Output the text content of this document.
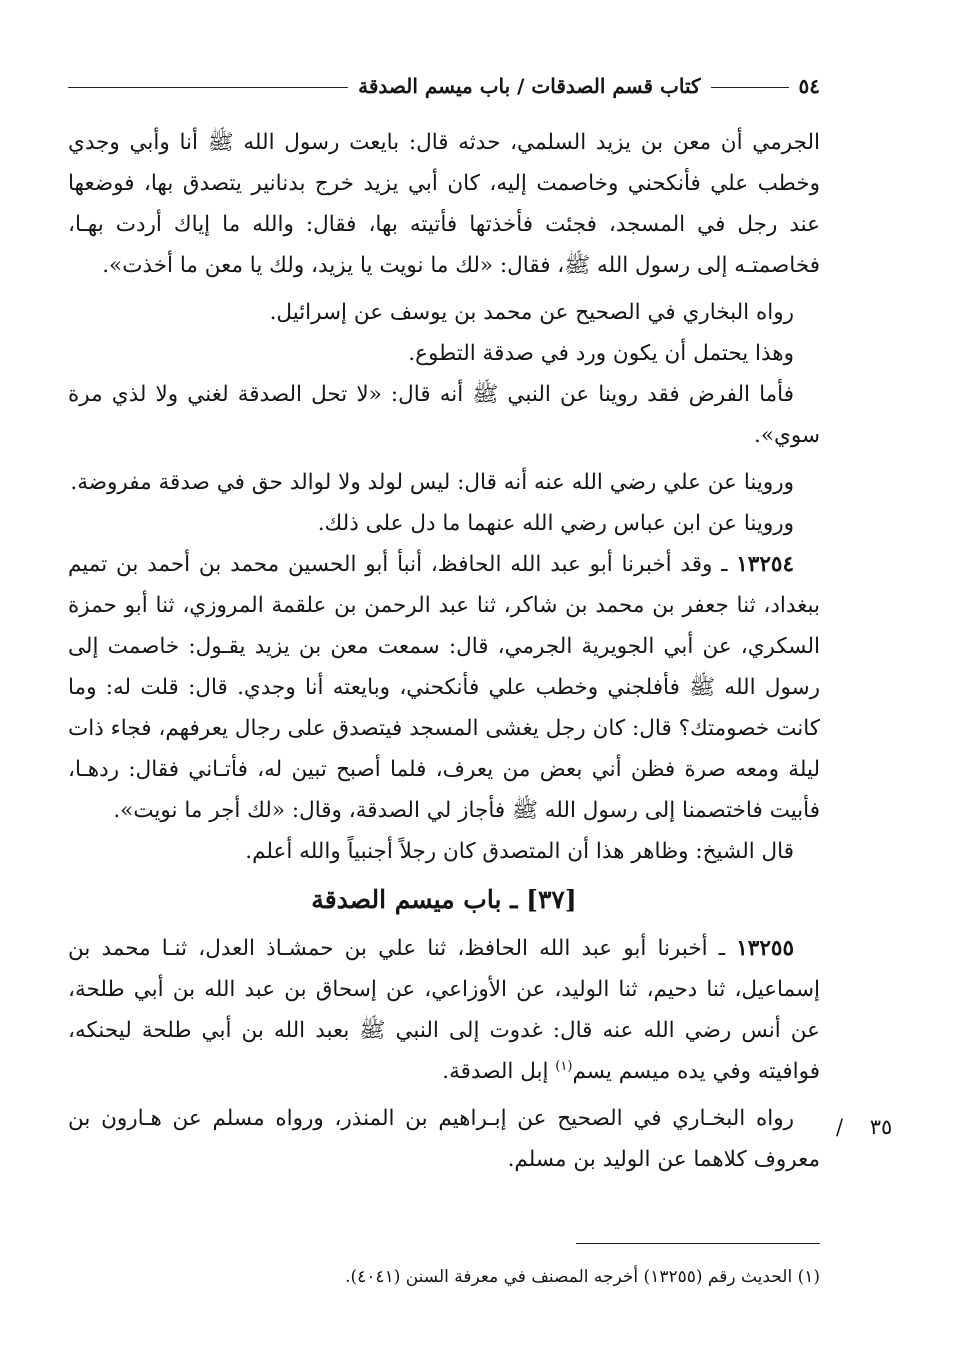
٥٤
كتاب قسم الصدقات / باب ميسم الصدقة

الجرمي أن معن بن يزيد السلمي، حدثه قال: بايعت رسول الله ﷺ أنا وأبي وجدي وخطب علي فأنكحني وخاصمت إليه، كان أبي يزيد خرج بدنانير يتصدق بها، فوضعها عند رجل في المسجد، فجئت فأخذتها فأتيته بها، فقال: والله ما إياك أردت بهـا، فخاصمتـه إلى رسول الله ﷺ، فقال: «لك ما نويت يا يزيد، ولك يا معن ما أخذت».

رواه البخاري في الصحيح عن محمد بن يوسف عن إسرائيل.

وهذا يحتمل أن يكون ورد في صدقة التطوع.

فأما الفرض فقد روينا عن النبي ﷺ أنه قال: «لا تحل الصدقة لغني ولا لذي مرة سوي».

وروينا عن علي رضي الله عنه أنه قال: ليس لولد ولا لوالد حق في صدقة مفروضة.

وروينا عن ابن عباس رضي الله عنهما ما دل على ذلك.

١٣٢٥٤ ـ وقد أخبرنا أبو عبد الله الحافظ، أنبأ أبو الحسين محمد بن أحمد بن تميم ببغداد، ثنا جعفر بن محمد بن شاكر، ثنا عبد الرحمن بن علقمة المروزي، ثنا أبو حمزة السكري، عن أبي الجويرية الجرمي، قال: سمعت معن بن يزيد يقـول: خاصمت إلى رسول الله ﷺ فأفلجني وخطب علي فأنكحني، وبايعته أنا وجدي. قال: قلت له: وما كانت خصومتك؟ قال: كان رجل يغشى المسجد فيتصدق على رجال يعرفهم، فجاء ذات ليلة ومعه صرة فظن أني بعض من يعرف، فلما أصبح تبين له، فأتـاني فقال: ردهـا، فأبيت فاختصمنا إلى رسول الله ﷺ فأجاز لي الصدقة، وقال: «لك أجر ما نويت».

قال الشيخ: وظاهر هذا أن المتصدق كان رجلاً أجنبياً والله أعلم.

[٣٧] ـ باب ميسم الصدقة

١٣٢٥٥ ـ أخبرنا أبو عبد الله الحافظ، ثنا علي بن حمشـاذ العدل، ثنـا محمد بن إسماعيل، ثنا دحيم، ثنا الوليد، عن الأوزاعي، عن إسحاق بن عبد الله بن أبي طلحة، عن أنس رضي الله عنه قال: غدوت إلى النبي ﷺ بعبد الله بن أبي طلحة ليحنكه، فوافيته وفي يده ميسم يسم$^{(١)}$ إبل الصدقة.

رواه البخـاري في الصحيح عن إبـراهيم بن المنذر، ورواه مسلم عن هـارون بن معروف كلاهما عن الوليد بن مسلم.

٣٥    /
(١) الحديث رقم (١٣٢٥٥) أخرجه المصنف في معرفة السنن (٤٠٤١).
